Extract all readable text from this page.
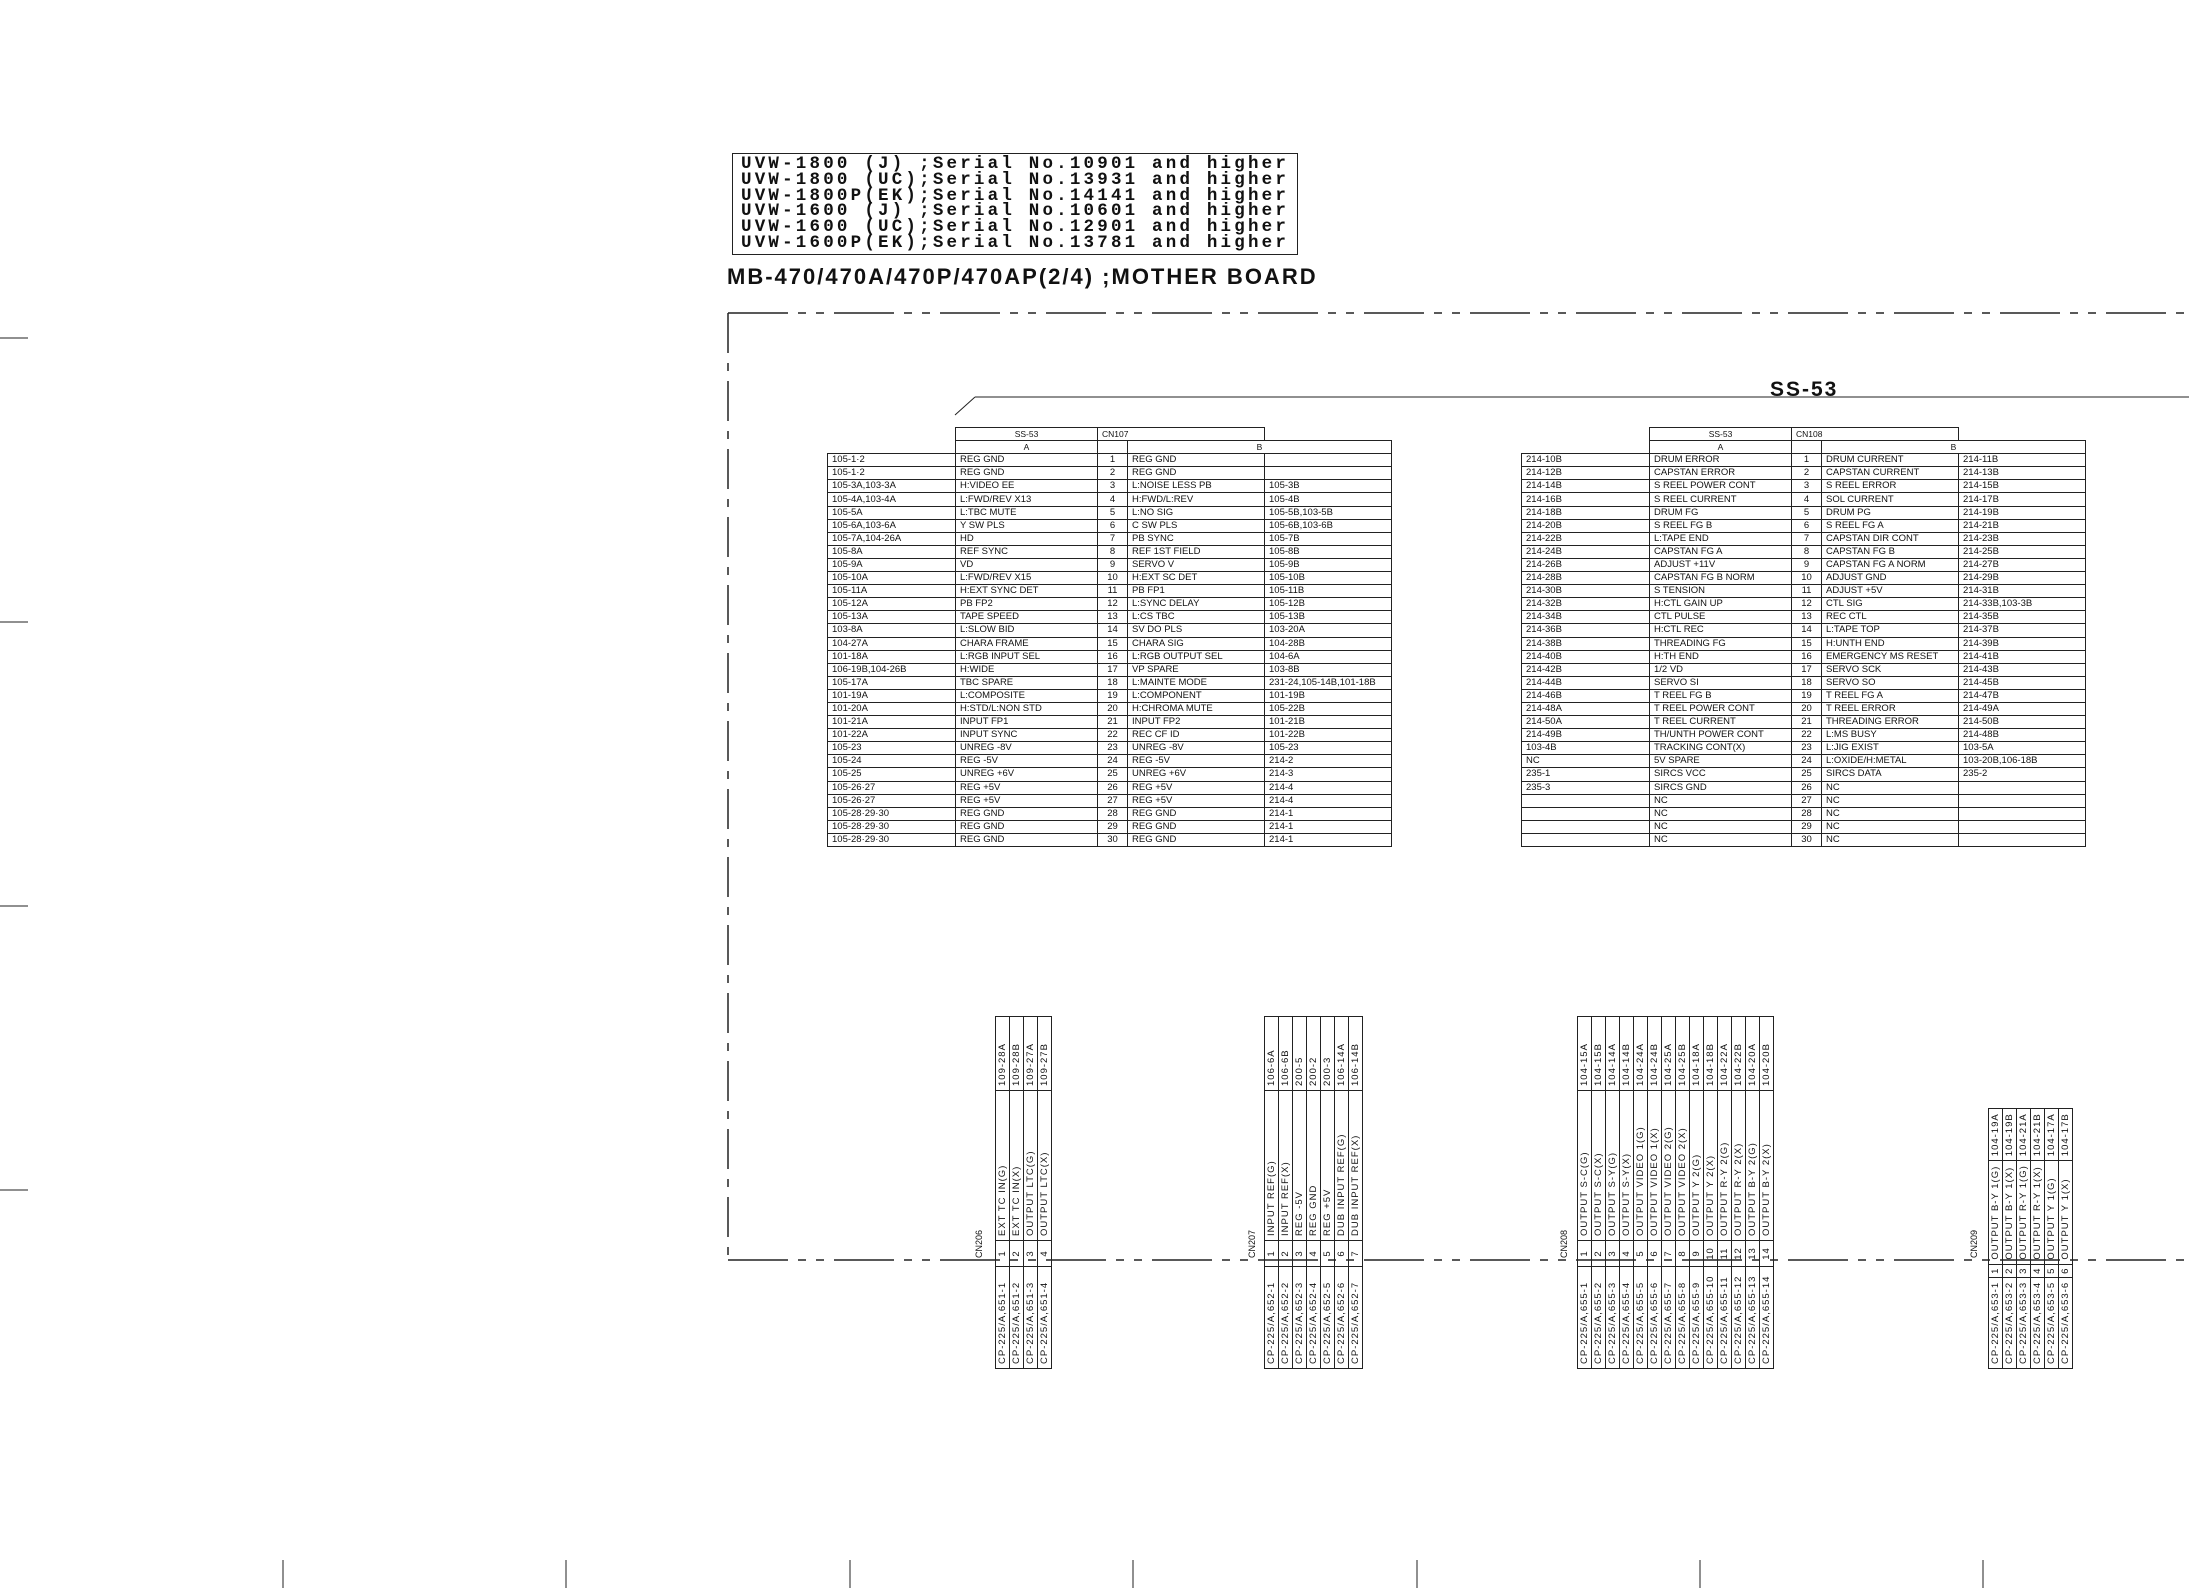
UVW-1800 (J) ;Serial No.10901 and higher
UVW-1800 (UC);Serial No.13931 and higher
UVW-1800P(EK);Serial No.14141 and higher
UVW-1600 (J) ;Serial No.10601 and higher
UVW-1600 (UC);Serial No.12901 and higher
UVW-1600P(EK);Serial No.13781 and higher
MB-470/470A/470P/470AP(2/4) ;MOTHER BOARD
SS-53
	SS-53	CN107		
	A		B	
105-1·2	REG GND	1	REG GND	
105-1·2	REG GND	2	REG GND	
105-3A,103-3A	H:VIDEO EE	3	L:NOISE LESS PB	105-3B
105-4A,103-4A	L:FWD/REV X13	4	H:FWD/L:REV	105-4B
105-5A	L:TBC MUTE	5	L:NO SIG	105-5B,103-5B
105-6A,103-6A	Y SW PLS	6	C SW PLS	105-6B,103-6B
105-7A,104-26A	HD	7	PB SYNC	105-7B
105-8A	REF SYNC	8	REF 1ST FIELD	105-8B
105-9A	VD	9	SERVO V	105-9B
105-10A	L:FWD/REV X15	10	H:EXT SC DET	105-10B
105-11A	H:EXT SYNC DET	11	PB FP1	105-11B
105-12A	PB FP2	12	L:SYNC DELAY	105-12B
105-13A	TAPE SPEED	13	L:CS TBC	105-13B
103-8A	L:SLOW BID	14	SV DO PLS	103-20A
104-27A	CHARA FRAME	15	CHARA SIG	104-28B
101-18A	L:RGB INPUT SEL	16	L:RGB OUTPUT SEL	104-6A
106-19B,104-26B	H:WIDE	17	VP SPARE	103-8B
105-17A	TBC SPARE	18	L:MAINTE MODE	231-24,105-14B,101-18B
101-19A	L:COMPOSITE	19	L:COMPONENT	101-19B
101-20A	H:STD/L:NON STD	20	H:CHROMA MUTE	105-22B
101-21A	INPUT FP1	21	INPUT FP2	101-21B
101-22A	INPUT SYNC	22	REC CF ID	101-22B
105-23	UNREG -8V	23	UNREG -8V	105-23
105-24	REG -5V	24	REG -5V	214-2
105-25	UNREG +6V	25	UNREG +6V	214-3
105-26·27	REG +5V	26	REG +5V	214-4
105-26·27	REG +5V	27	REG +5V	214-4
105-28·29·30	REG GND	28	REG GND	214-1
105-28·29·30	REG GND	29	REG GND	214-1
105-28·29·30	REG GND	30	REG GND	214-1
	SS-53	CN108		
	A		B	
214-10B	DRUM ERROR	1	DRUM CURRENT	214-11B
214-12B	CAPSTAN ERROR	2	CAPSTAN CURRENT	214-13B
214-14B	S REEL POWER CONT	3	S REEL ERROR	214-15B
214-16B	S REEL CURRENT	4	SOL CURRENT	214-17B
214-18B	DRUM FG	5	DRUM PG	214-19B
214-20B	S REEL FG B	6	S REEL FG A	214-21B
214-22B	L:TAPE END	7	CAPSTAN DIR CONT	214-23B
214-24B	CAPSTAN FG A	8	CAPSTAN FG B	214-25B
214-26B	ADJUST +11V	9	CAPSTAN FG A NORM	214-27B
214-28B	CAPSTAN FG B NORM	10	ADJUST GND	214-29B
214-30B	S TENSION	11	ADJUST +5V	214-31B
214-32B	H:CTL GAIN UP	12	CTL SIG	214-33B,103-3B
214-34B	CTL PULSE	13	REC CTL	214-35B
214-36B	H:CTL REC	14	L:TAPE TOP	214-37B
214-38B	THREADING FG	15	H:UNTH END	214-39B
214-40B	H:TH END	16	EMERGENCY MS RESET	214-41B
214-42B	1/2 VD	17	SERVO SCK	214-43B
214-44B	SERVO SI	18	SERVO SO	214-45B
214-46B	T REEL FG B	19	T REEL FG A	214-47B
214-48A	T REEL POWER CONT	20	T REEL ERROR	214-49A
214-50A	T REEL CURRENT	21	THREADING ERROR	214-50B
214-49B	TH/UNTH POWER CONT	22	L:MS BUSY	214-48B
103-4B	TRACKING CONT(X)	23	L:JIG EXIST	103-5A
NC	5V SPARE	24	L:OXIDE/H:METAL	103-20B,106-18B
235-1	SIRCS VCC	25	SIRCS DATA	235-2
235-3	SIRCS GND	26	NC	
	NC	27	NC	
	NC	28	NC	
	NC	29	NC	
	NC	30	NC	
CP-225/A,651-1	1	EXT TC IN(G)	109-28A
CP-225/A,651-2	2	EXT TC IN(X)	109-28B
CP-225/A,651-3	3	OUTPUT LTC(G)	109-27A
CP-225/A,651-4	4	OUTPUT LTC(X)	109-27B
CN206
CP-225/A,652-1	1	INPUT REF(G)	106-6A
CP-225/A,652-2	2	INPUT REF(X)	106-6B
CP-225/A,652-3	3	REG -5V	200-5
CP-225/A,652-4	4	REG GND	200-2
CP-225/A,652-5	5	REG +5V	200-3
CP-225/A,652-6	6	DUB INPUT REF(G)	106-14A
CP-225/A,652-7	7	DUB INPUT REF(X)	106-14B
CN207
CP-225/A,655-1	1	OUTPUT S-C(G)	104-15A
CP-225/A,655-2	2	OUTPUT S-C(X)	104-15B
CP-225/A,655-3	3	OUTPUT S-Y(G)	104-14A
CP-225/A,655-4	4	OUTPUT S-Y(X)	104-14B
CP-225/A,655-5	5	OUTPUT VIDEO 1(G)	104-24A
CP-225/A,655-6	6	OUTPUT VIDEO 1(X)	104-24B
CP-225/A,655-7	7	OUTPUT VIDEO 2(G)	104-25A
CP-225/A,655-8	8	OUTPUT VIDEO 2(X)	104-25B
CP-225/A,655-9	9	OUTPUT Y 2(G)	104-18A
CP-225/A,655-10	10	OUTPUT Y 2(X)	104-18B
CP-225/A,655-11	11	OUTPUT R-Y 2(G)	104-22A
CP-225/A,655-12	12	OUTPUT R-Y 2(X)	104-22B
CP-225/A,655-13	13	OUTPUT B-Y 2(G)	104-20A
CP-225/A,655-14	14	OUTPUT B-Y 2(X)	104-20B
CN208
CP-225/A,653-1	1	OUTPUT B-Y 1(G)	104-19A
CP-225/A,653-2	2	OUTPUT B-Y 1(X)	104-19B
CP-225/A,653-3	3	OUTPUT R-Y 1(G)	104-21A
CP-225/A,653-4	4	OUTPUT R-Y 1(X)	104-21B
CP-225/A,653-5	5	OUTPUT Y 1(G)	104-17A
CP-225/A,653-6	6	OUTPUT Y 1(X)	104-17B
CN209
